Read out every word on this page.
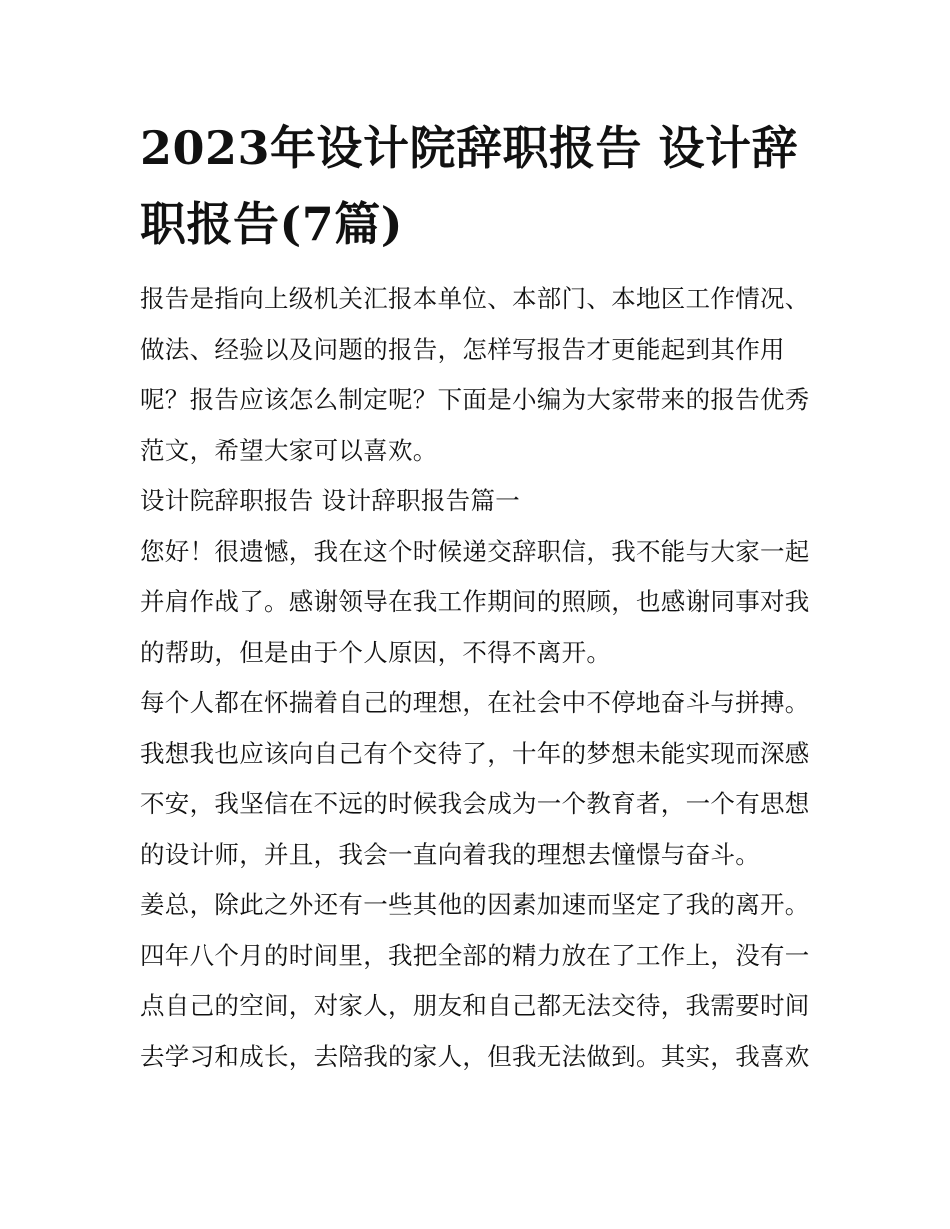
2023年设计院辞职报告 设计辞职报告(7篇)

报告是指向上级机关汇报本单位、本部门、本地区工作情况、做法、经验以及问题的报告，怎样写报告才更能起到其作用呢？报告应该怎么制定呢？下面是小编为大家带来的报告优秀范文，希望大家可以喜欢。

设计院辞职报告 设计辞职报告篇一

您好！很遗憾，我在这个时候递交辞职信，我不能与大家一起并肩作战了。感谢领导在我工作期间的照顾，也感谢同事对我的帮助，但是由于个人原因，不得不离开。

每个人都在怀揣着自己的理想，在社会中不停地奋斗与拼搏。我想我也应该向自己有个交待了，十年的梦想未能实现而深感不安，我坚信在不远的时候我会成为一个教育者，一个有思想的设计师，并且，我会一直向着我的理想去憧憬与奋斗。

姜总，除此之外还有一些其他的因素加速而坚定了我的离开。四年八个月的时间里，我把全部的精力放在了工作上，没有一点自己的空间，对家人，朋友和自己都无法交待，我需要时间去学习和成长，去陪我的家人，但我无法做到。其实，我喜欢
